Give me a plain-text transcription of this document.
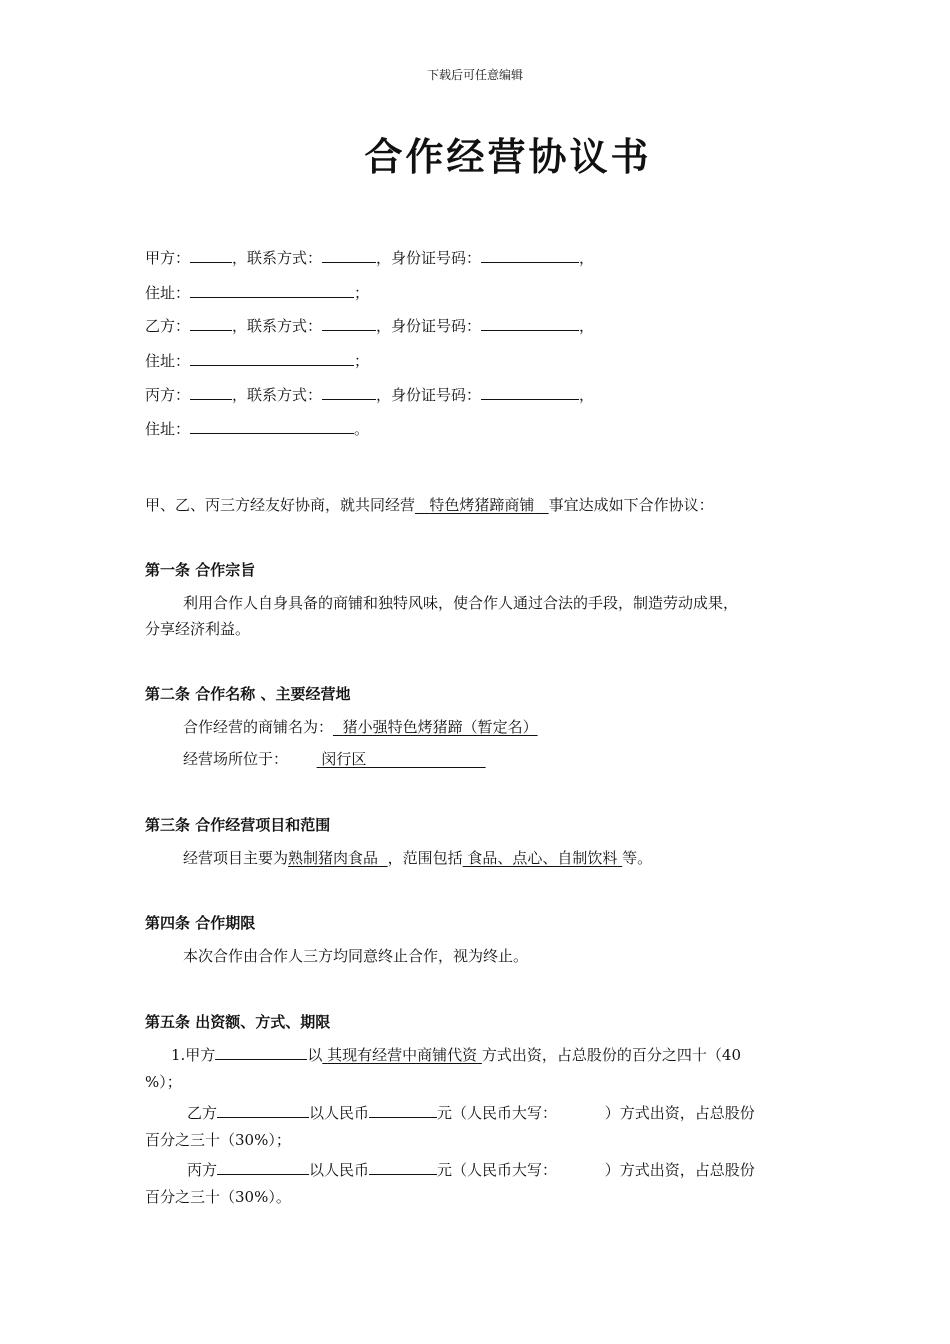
下载后可任意编辑
合作经营协议书
甲方：	，联系方式：	，身份证号码：	，
住址：	；
乙方：	，联系方式：	，身份证号码：	，
住址：	；
丙方：	，联系方式：	，身份证号码：	，
住址：	。
甲、乙、丙三方经友好协商，就共同经营 特色烤猪蹄商铺 事宜达成如下合作协议：
第一条 合作宗旨
利用合作人自身具备的商铺和独特风味，使合作人通过合法的手段，制造劳动成果，
分享经济利益。
第二条 合作名称 、主要经营地
合作经营的商铺名为： 猪小强特色烤猪蹄（暂定名）
经营场所位于： 闵行区
第三条 合作经营项目和范围
经营项目主要为熟制猪肉食品 ，范围包括 食品、点心、自制饮料 等。
第四条 合作期限
本次合作由合作人三方均同意终止合作，视为终止。
第五条 出资额、方式、期限
1.甲方	以 其现有经营中商铺代资 方式出资，占总股份的百分之四十（40
%）；
乙方	以人民币	元（人民币大写：	）方式出资，占总股份
百分之三十（30%）；
丙方	以人民币	元（人民币大写：	）方式出资，占总股份
百分之三十（30%）。
